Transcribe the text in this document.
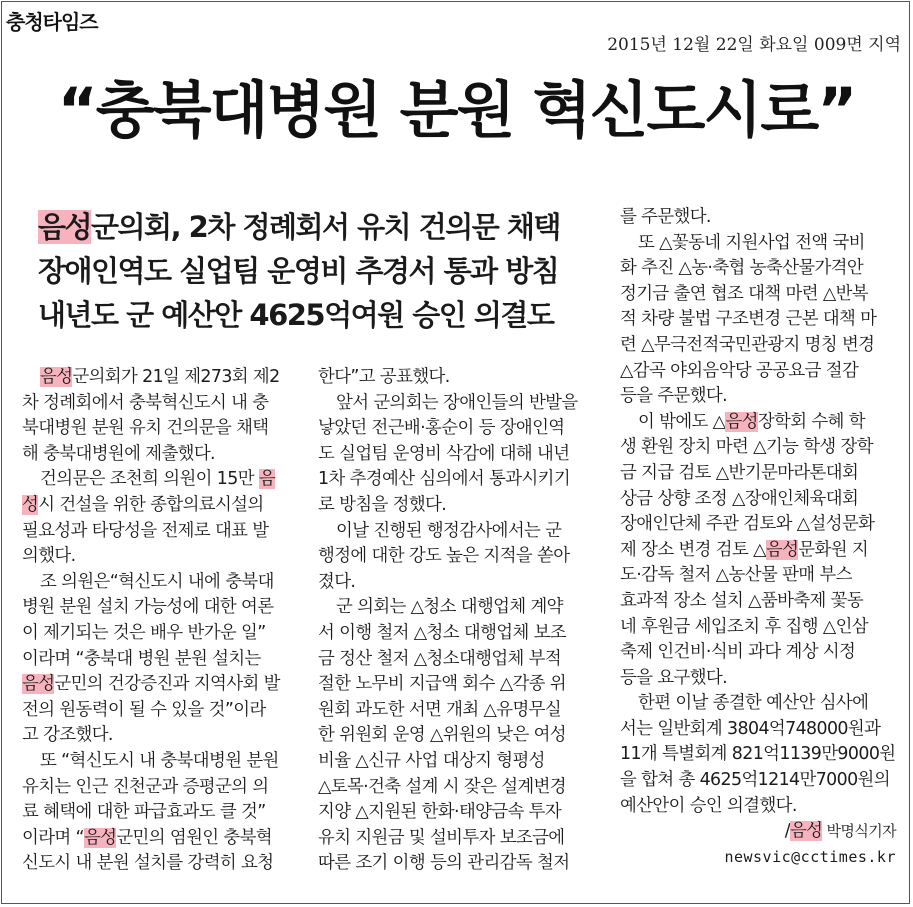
충청타임즈
2015년 12월 22일 화요일 009면 지역
“충북대병원 분원 혁신도시로”
음성군의회, 2차 정례회서 유치 건의문 채택
장애인역도 실업팀 운영비 추경서 통과 방침
내년도 군 예산안 4625억여원 승인 의결도

음성군의회가 21일 제273회 제2

차 정례회에서 충북혁신도시 내 충

북대병원 분원 유치 건의문을 채택

해 충북대병원에 제출했다.

건의문은 조천희 의원이 15만 음

성시 건설을 위한 종합의료시설의

필요성과 타당성을 전제로 대표 발

의했다.

조 의원은“혁신도시 내에 충북대

병원 분원 설치 가능성에 대한 여론

이 제기되는 것은 배우 반가운 일”

이라며 “충북대 병원 분원 설치는

음성군민의 건강증진과 지역사회 발

전의 원동력이 될 수 있을 것”이라

고 강조했다.

또 “혁신도시 내 충북대병원 분원

유치는 인근 진천군과 증평군의 의

료 혜택에 대한 파급효과도 클 것”

이라며 “음성군민의 염원인 충북혁

신도시 내 분원 설치를 강력히 요청

한다”고 공표했다.

앞서 군의회는 장애인들의 반발을

낳았던 전근배·홍순이 등 장애인역

도 실업팀 운영비 삭감에 대해 내년

1차 추경예산 심의에서 통과시키기

로 방침을 정했다.

이날 진행된 행정감사에서는 군

행정에 대한 강도 높은 지적을 쏟아

졌다.

군 의회는 △청소 대행업체 계약

서 이행 철저 △청소 대행업체 보조

금 정산 철저 △청소대행업체 부적

절한 노무비 지급액 회수 △각종 위

원회 과도한 서면 개최 △유명무실

한 위원회 운영 △위원의 낮은 여성

비율 △신규 사업 대상지 형평성

△토목·건축 설계 시 잦은 설계변경

지양 △지원된 한화·태양금속 투자

유치 지원금 및 설비투자 보조금에

따른 조기 이행 등의 관리감독 철저

를 주문했다.

또 △꽃동네 지원사업 전액 국비

화 추진 △농·축협 농축산물가격안

정기금 출연 협조 대책 마련 △반복

적 차량 불법 구조변경 근본 대책 마

련 △무극전적국민관광지 명칭 변경

△감곡 야외음악당 공공요금 절감

등을 주문했다.

이 밖에도 △음성장학회 수혜 학

생 환원 장치 마련 △기능 학생 장학

금 지급 검토 △반기문마라톤대회

상금 상향 조정 △장애인체육대회

장애인단체 주관 검토와 △설성문화

제 장소 변경 검토 △음성문화원 지

도·감독 철저 △농산물 판매 부스

효과적 장소 설치 △품바축제 꽃동

네 후원금 세입조치 후 집행 △인삼

축제 인건비·식비 과다 계상 시정

등을 요구했다.

한편 이날 종결한 예산안 심사에

서는 일반회계 3804억748000원과

11개 특별회계 821억1139만9000원

을 합쳐 총 4625억1214만7000원의

예산안이 승인 의결했다.

/음성 박명식기자

newsvic@cctimes.kr
